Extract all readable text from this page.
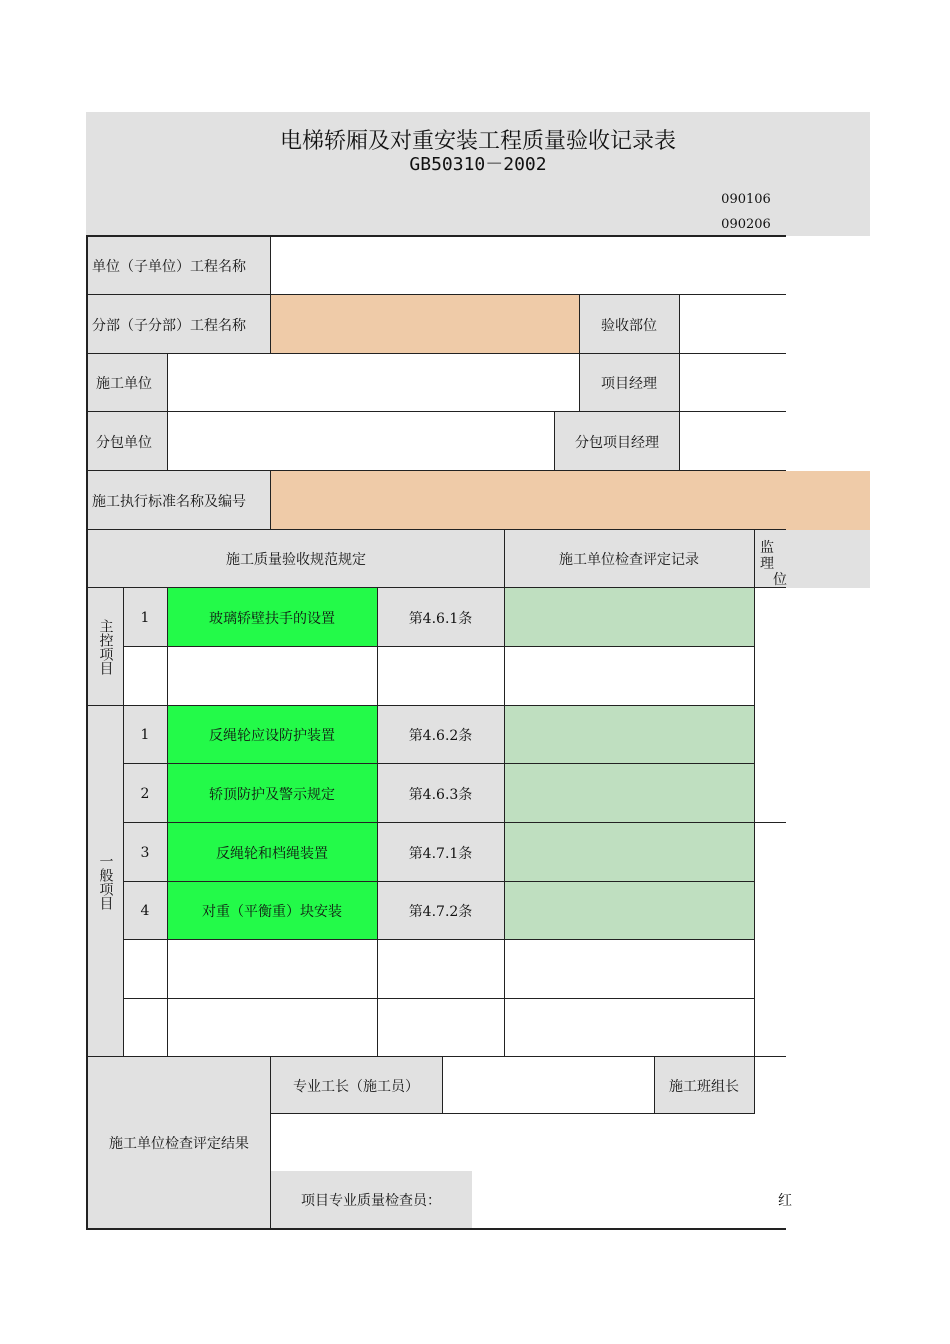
电梯轿厢及对重安装工程质量验收记录表
GB50310－2002
090106
090206
单位（子单位）工程名称
分部（子分部）工程名称	验收部位
施工单位	项目经理
分包单位	分包项目经理
施工执行标准名称及编号
施工质量验收规范规定	施工单位检查评定记录
监理
位
主控项目
1	玻璃轿壁扶手的设置	第4.6.1条
一般项目
1	反绳轮应设防护装置	第4.6.2条
2	轿顶防护及警示规定	第4.6.3条
3	反绳轮和档绳装置	第4.7.1条
4	对重（平衡重）块安装	第4.7.2条
施工单位检查评定结果
专业工长（施工员）	施工班组长
项目专业质量检查员：	红
